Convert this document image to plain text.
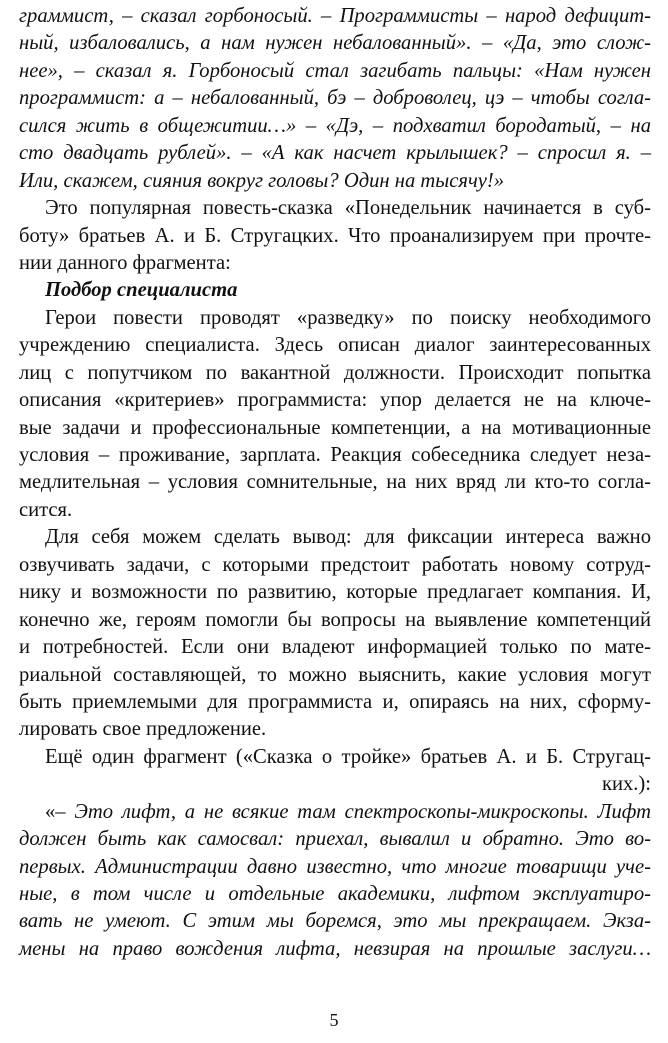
граммист, – сказал горбоносый. – Программисты – народ дефицит-
ный, избаловались, а нам нужен небалованный». – «Да, это слож-
нее», – сказал я. Горбоносый стал загибать пальцы: «Нам нужен
программист: а – небалованный, бэ – доброволец, цэ – чтобы согла-
сился жить в общежитии…» – «Дэ, – подхватил бородатый, – на
сто двадцать рублей». – «А как насчет крылышек? – спросил я. –
Или, скажем, сияния вокруг головы? Один на тысячу!»
Это популярная повесть-сказка «Понедельник начинается в суб-
боту» братьев А. и Б. Стругацких. Что проанализируем при прочте-
нии данного фрагмента:
Подбор специалиста
Герои повести проводят «разведку» по поиску необходимого
учреждению специалиста. Здесь описан диалог заинтересованных
лиц с попутчиком по вакантной должности. Происходит попытка
описания «критериев» программиста: упор делается не на ключе-
вые задачи и профессиональные компетенции, а на мотивационные
условия – проживание, зарплата. Реакция собеседника следует неза-
медлительная – условия сомнительные, на них вряд ли кто-то согла-
сится.
Для себя можем сделать вывод: для фиксации интереса важно
озвучивать задачи, с которыми предстоит работать новому сотруд-
нику и возможности по развитию, которые предлагает компания. И,
конечно же, героям помогли бы вопросы на выявление компетенций
и потребностей. Если они владеют информацией только по мате-
риальной составляющей, то можно выяснить, какие условия могут
быть приемлемыми для программиста и, опираясь на них, сформу-
лировать свое предложение.
Ещё один фрагмент («Сказка о тройке» братьев А. и Б. Стругац-
ких.):
«– Это лифт, а не всякие там спектроскопы-микроскопы. Лифт
должен быть как самосвал: приехал, вывалил и обратно. Это во-
первых. Администрации давно известно, что многие товарищи уче-
ные, в том числе и отдельные академики, лифтом эксплуатиро-
вать не умеют. С этим мы боремся, это мы прекращаем. Экза-
мены на право вождения лифта, невзирая на прошлые заслуги…
5
